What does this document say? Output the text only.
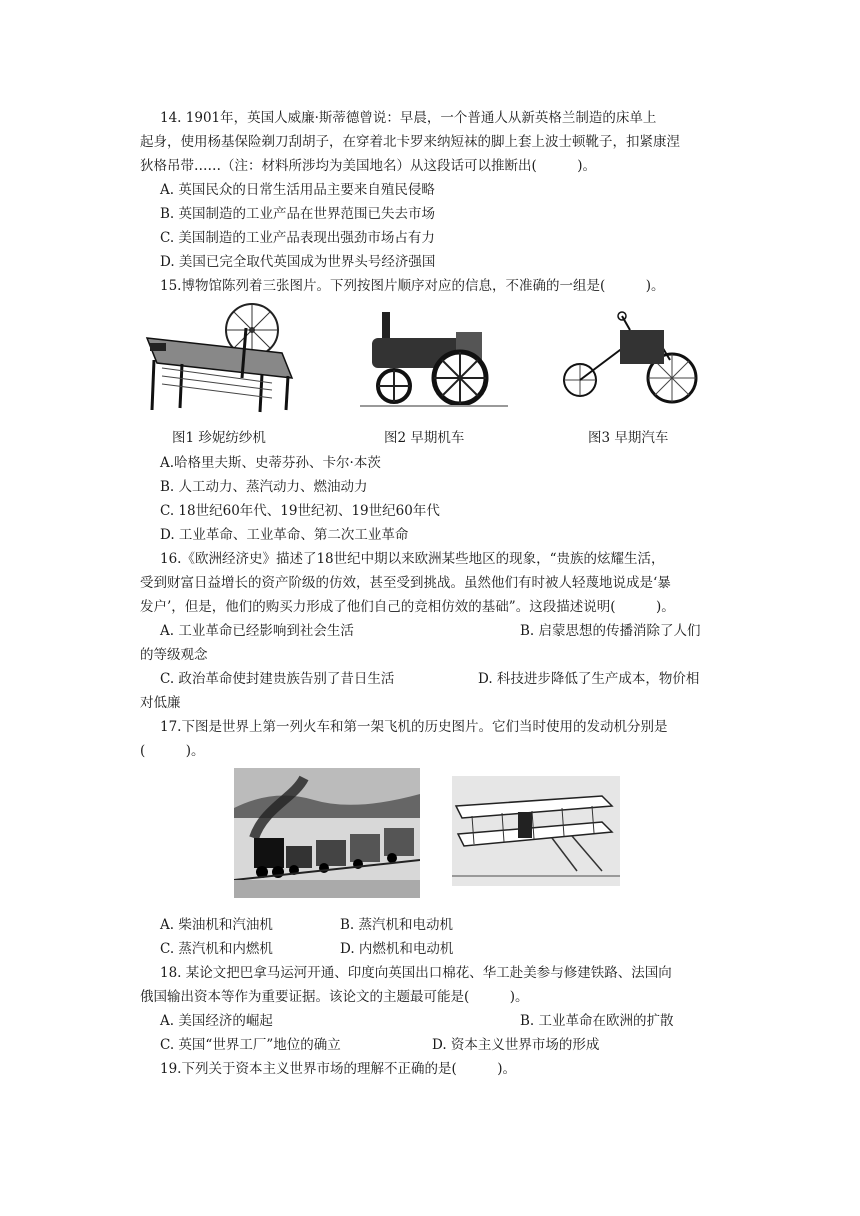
14. 1901年，英国人威廉·斯蒂德曾说：早晨，一个普通人从新英格兰制造的床单上
起身，使用杨基保险剃刀刮胡子，在穿着北卡罗来纳短袜的脚上套上波士顿靴子，扣紧康涅
狄格吊带……（注：材料所涉均为美国地名）从这段话可以推断出(　　　)。
A. 英国民众的日常生活用品主要来自殖民侵略
B. 英国制造的工业产品在世界范围已失去市场
C. 美国制造的工业产品表现出强劲市场占有力
D. 美国已完全取代英国成为世界头号经济强国
15.博物馆陈列着三张图片。下列按图片顺序对应的信息，不准确的一组是(　　　)。
图1 珍妮纺纱机	图2 早期机车	图3 早期汽车
A.哈格里夫斯、史蒂芬孙、卡尔·本茨
B. 人工动力、蒸汽动力、燃油动力
C. 18世纪60年代、19世纪初、19世纪60年代
D. 工业革命、工业革命、第二次工业革命
16.《欧洲经济史》描述了18世纪中期以来欧洲某些地区的现象，“贵族的炫耀生活，
受到财富日益增长的资产阶级的仿效，甚至受到挑战。虽然他们有时被人轻蔑地说成是‘暴
发户’，但是，他们的购买力形成了他们自己的竞相仿效的基础”。这段描述说明(　　　)。
A. 工业革命已经影响到社会生活	B. 启蒙思想的传播消除了人们
的等级观念
C. 政治革命使封建贵族告别了昔日生活	D. 科技进步降低了生产成本，物价相
对低廉
17.下图是世界上第一列火车和第一架飞机的历史图片。它们当时使用的发动机分别是
(　　　)。
A. 柴油机和汽油机	B. 蒸汽机和电动机
C. 蒸汽机和内燃机	D. 内燃机和电动机
18. 某论文把巴拿马运河开通、印度向英国出口棉花、华工赴美参与修建铁路、法国向
俄国输出资本等作为重要证据。该论文的主题最可能是(　　　)。
A. 美国经济的崛起	B. 工业革命在欧洲的扩散
C. 英国“世界工厂”地位的确立	D. 资本主义世界市场的形成
19.下列关于资本主义世界市场的理解不正确的是(　　　)。
